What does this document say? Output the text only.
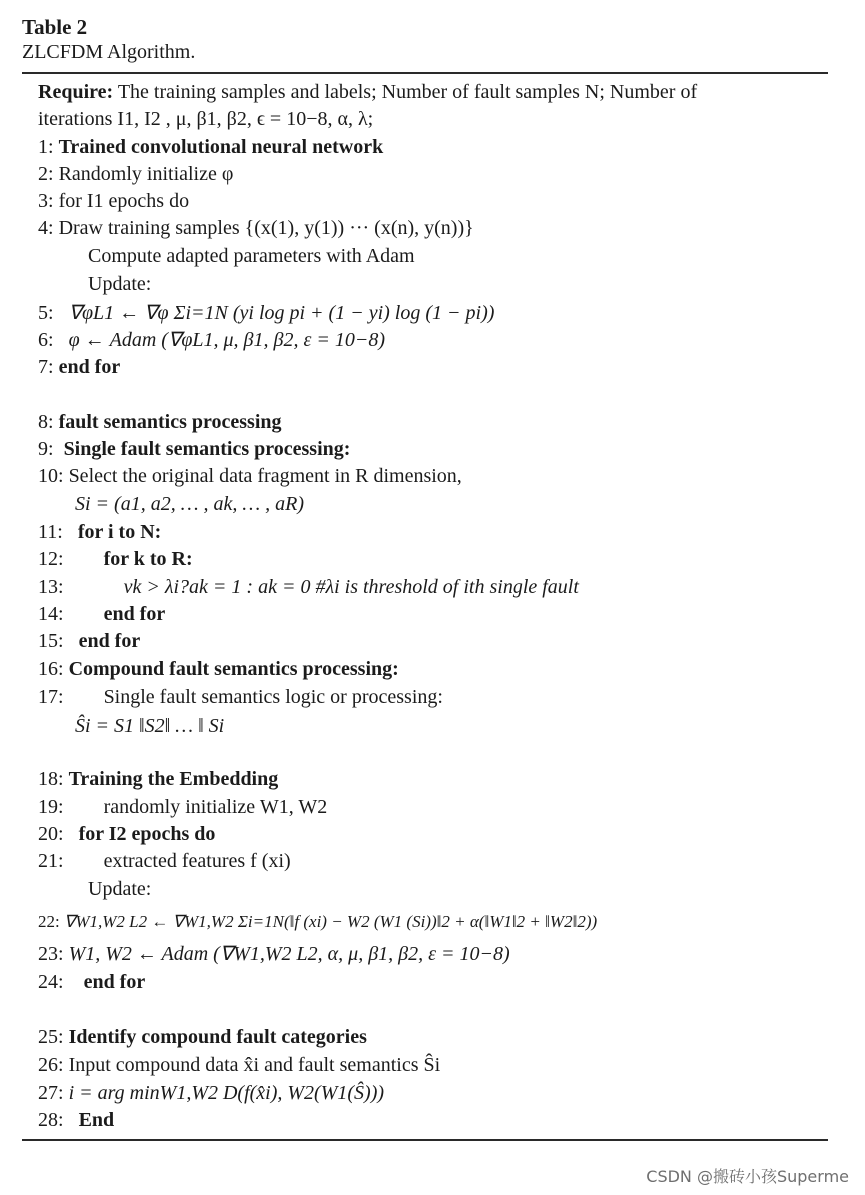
Table 2
ZLCFDM Algorithm.
Require: The training samples and labels; Number of fault samples N; Number of
iterations I1, I2 , μ, β1, β2, ϵ = 10−8, α, λ;
1: Trained convolutional neural network
2: Randomly initialize φ
3: for I1 epochs do
4: Draw training samples {(x(1), y(1)) ··· (x(n), y(n))}
Compute adapted parameters with Adam
Update:
5: ∇φL1 ← ∇φ Σi=1N (yi log pi + (1 − yi) log (1 − pi))
6: φ ← Adam (∇φL1, μ, β1, β2, ε = 10−8)
7: end for
8: fault semantics processing
9: Single fault semantics processing:
10: Select the original data fragment in R dimension,
Si = (a1, a2, … , ak, … , aR)
11: for i to N:
12: for k to R:
13:	vk > λi?ak = 1 : ak = 0 #λi is threshold of ith single fault
14: end for
15: end for
16: Compound fault semantics processing:
17: Single fault semantics logic or processing:
Ŝi = S1 ‖S2‖ … ‖ Si
18: Training the Embedding
19: randomly initialize W1, W2
20: for I2 epochs do
21: extracted features f (xi)
Update:
22: ∇W1,W2 L2 ← ∇W1,W2 Σi=1N(‖f (xi) − W2 (W1 (Si))‖2 + α(‖W1‖2 + ‖W2‖2))
23: W1, W2 ← Adam (∇W1,W2 L2, α, μ, β1, β2, ε = 10−8)
24: end for
25: Identify compound fault categories
26: Input compound data x̂i and fault semantics Ŝi
27: i = arg minW1,W2 D(f(x̂i), W2(W1(Ŝ)))
28: End
CSDN @搬砖小孩Superme
